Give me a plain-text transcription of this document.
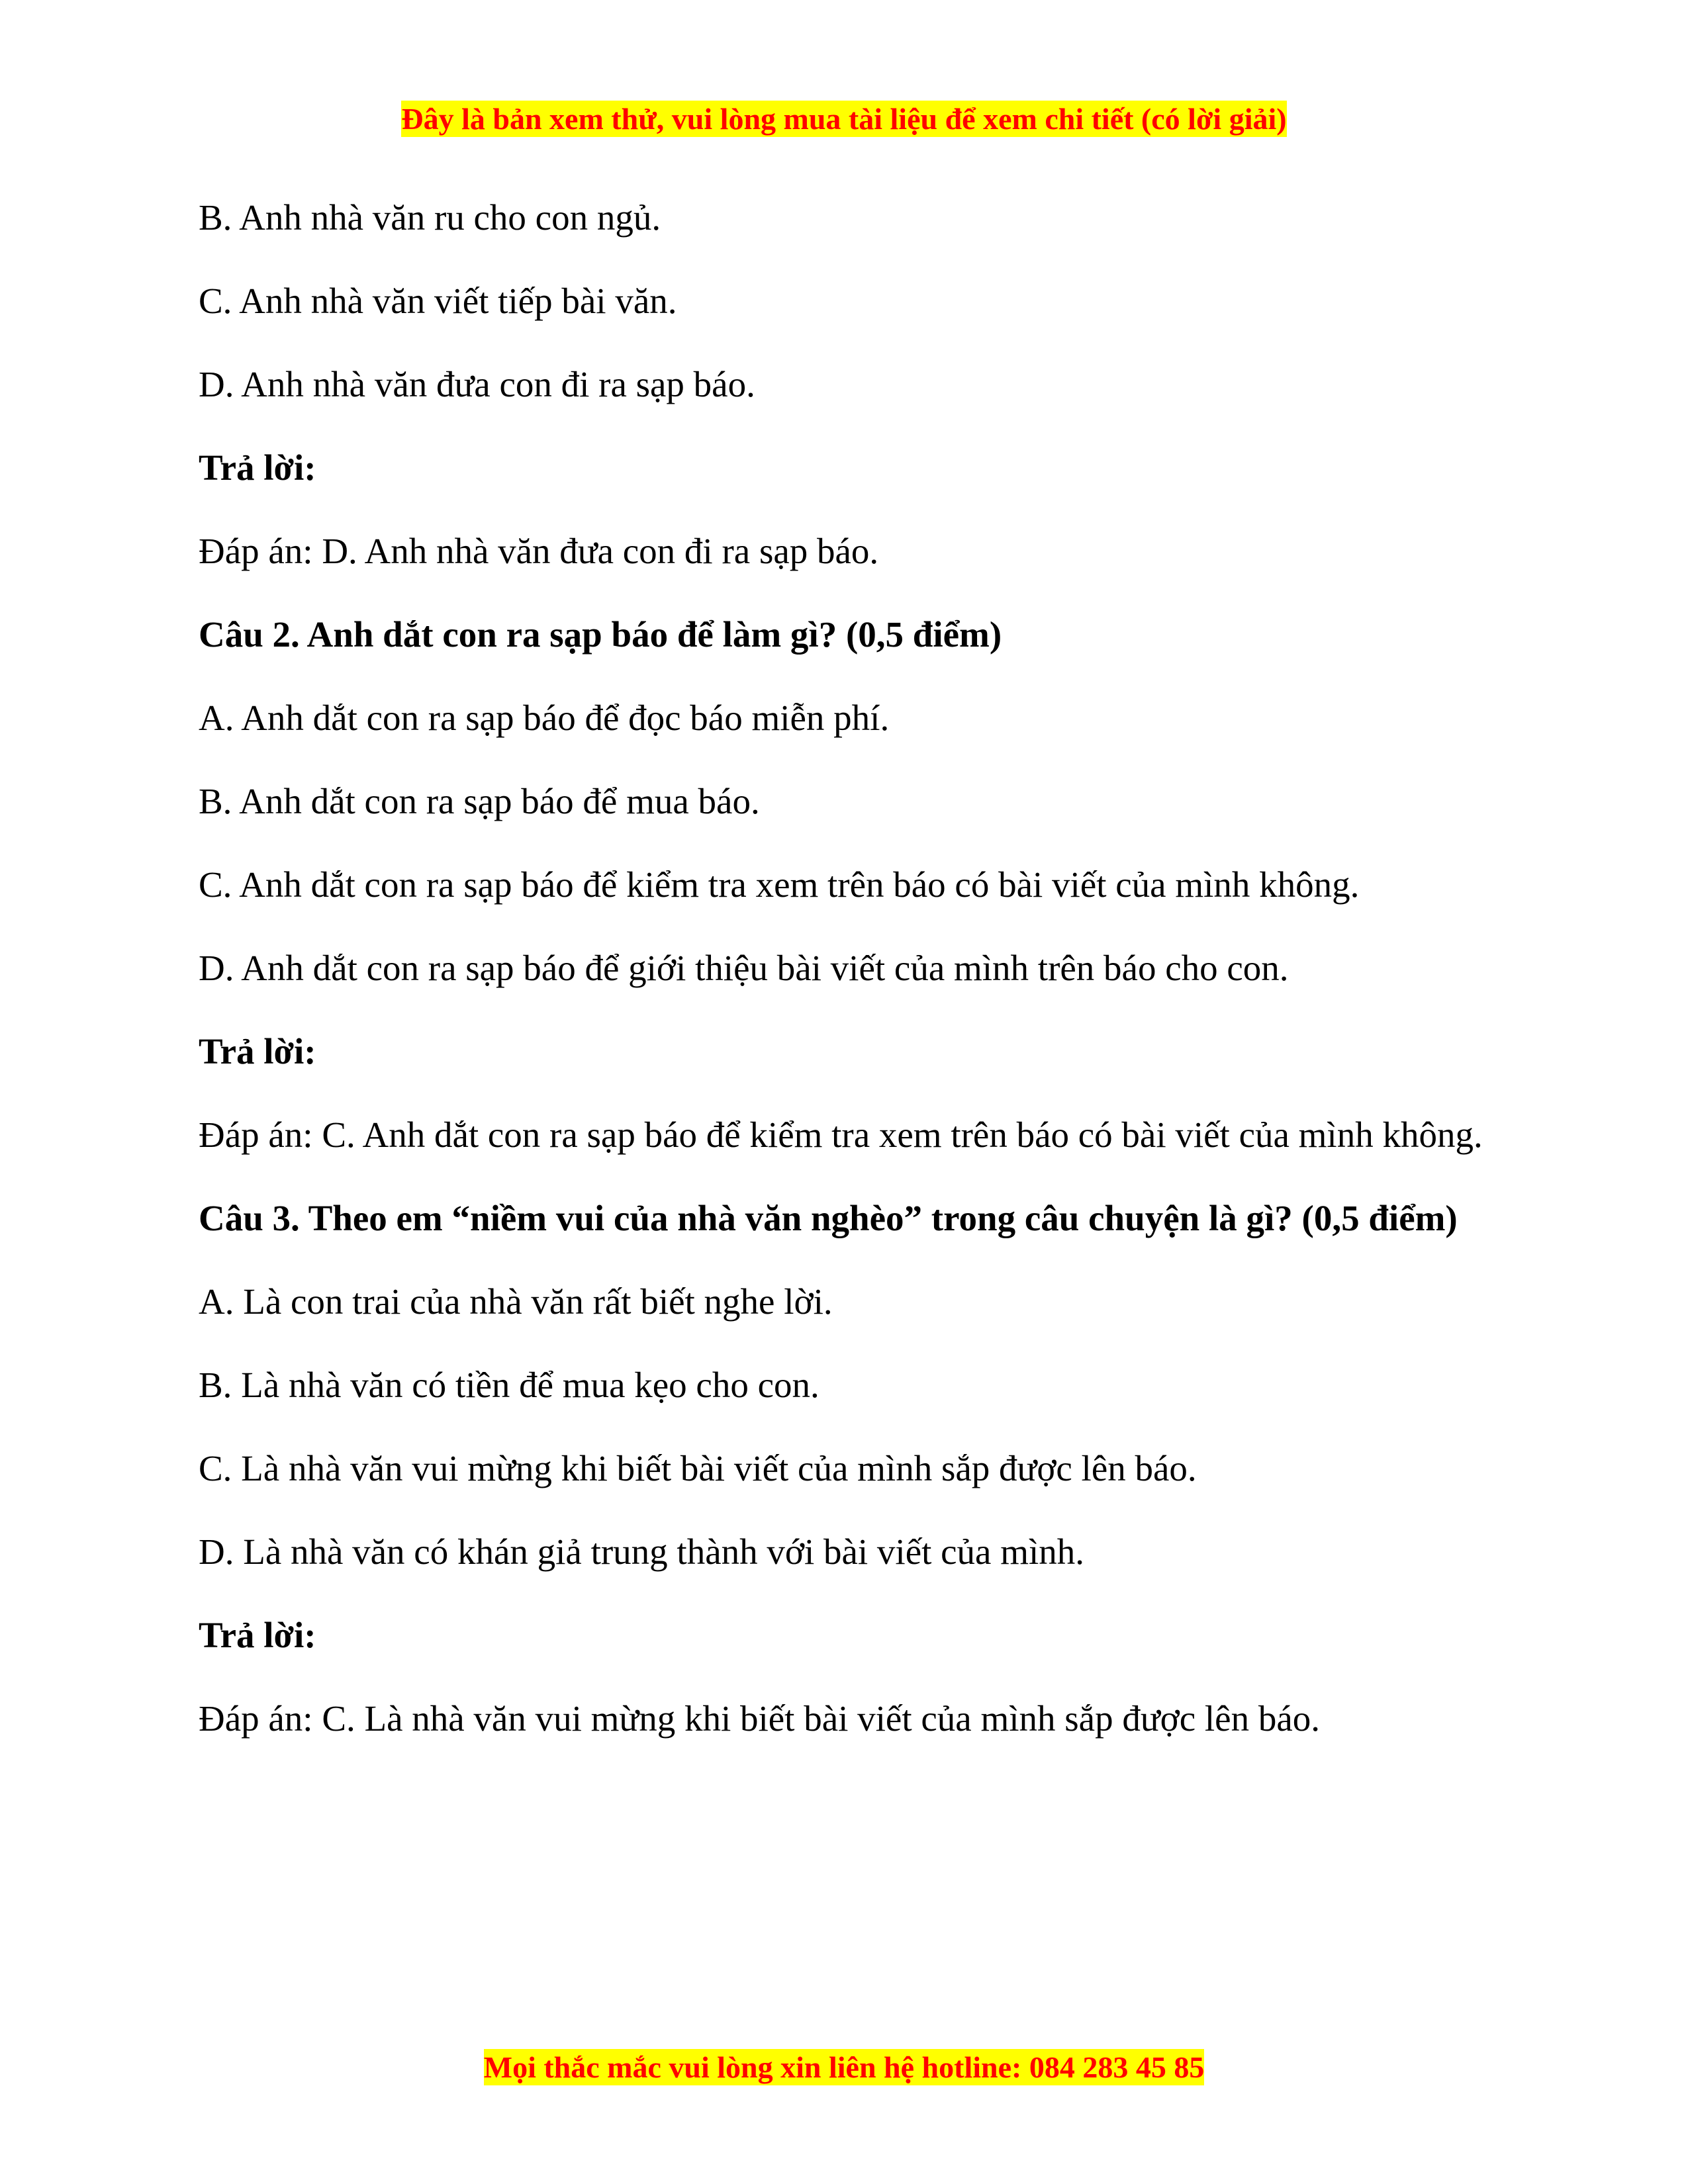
Đây là bản xem thử, vui lòng mua tài liệu để xem chi tiết (có lời giải)

B. Anh nhà văn ru cho con ngủ.

C. Anh nhà văn viết tiếp bài văn.

D. Anh nhà văn đưa con đi ra sạp báo.

Trả lời:

Đáp án: D. Anh nhà văn đưa con đi ra sạp báo.

Câu 2. Anh dắt con ra sạp báo để làm gì? (0,5 điểm)

A. Anh dắt con ra sạp báo để đọc báo miễn phí.

B. Anh dắt con ra sạp báo để mua báo.

C. Anh dắt con ra sạp báo để kiểm tra xem trên báo có bài viết của mình không.

D. Anh dắt con ra sạp báo để giới thiệu bài viết của mình trên báo cho con.

Trả lời:

Đáp án: C. Anh dắt con ra sạp báo để kiểm tra xem trên báo có bài viết của mình không.

Câu 3. Theo em “niềm vui của nhà văn nghèo” trong câu chuyện là gì? (0,5 điểm)

A. Là con trai của nhà văn rất biết nghe lời.

B. Là nhà văn có tiền để mua kẹo cho con.

C. Là nhà văn vui mừng khi biết bài viết của mình sắp được lên báo.

D. Là nhà văn có khán giả trung thành với bài viết của mình.

Trả lời:

Đáp án: C. Là nhà văn vui mừng khi biết bài viết của mình sắp được lên báo.

Mọi thắc mắc vui lòng xin liên hệ hotline: 084 283 45 85
